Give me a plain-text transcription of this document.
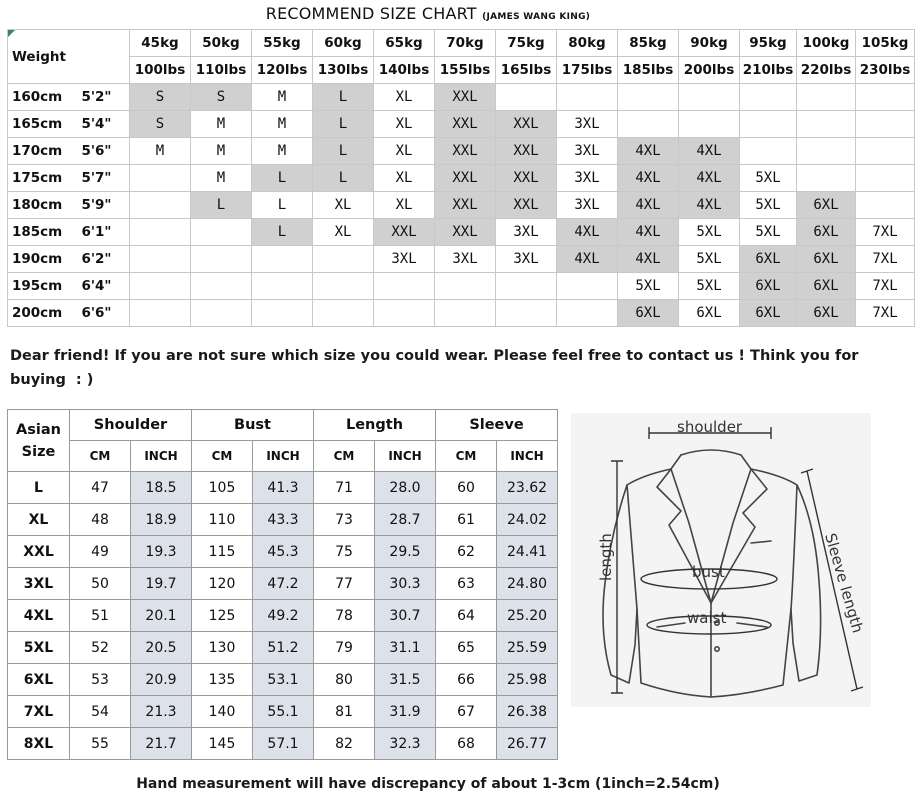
RECOMMEND SIZE CHART (JAMES WANG KING)
Weight		45kg	50kg	55kg	60kg	65kg	70kg	75kg	80kg	85kg	90kg	95kg	100kg	105kg
		100lbs	110lbs	120lbs	130lbs	140lbs	155lbs	165lbs	175lbs	185lbs	200lbs	210lbs	220lbs	230lbs
160cm	5'2"	S	S	M	L	XL	XXL							
165cm	5'4"	S	M	M	L	XL	XXL	XXL	3XL					
170cm	5'6"	M	M	M	L	XL	XXL	XXL	3XL	4XL	4XL			
175cm	5'7"		M	L	L	XL	XXL	XXL	3XL	4XL	4XL	5XL		
180cm	5'9"		L	L	XL	XL	XXL	XXL	3XL	4XL	4XL	5XL	6XL	
185cm	6'1"			L	XL	XXL	XXL	3XL	4XL	4XL	5XL	5XL	6XL	7XL
190cm	6'2"					3XL	3XL	3XL	4XL	4XL	5XL	6XL	6XL	7XL
195cm	6'4"									5XL	5XL	6XL	6XL	7XL
200cm	6'6"									6XL	6XL	6XL	6XL	7XL
Dear friend! If you are not sure which size you could wear. Please feel free to contact us ! Think you for buying  : )
Asian
Size	Shoulder		Bust		Length		Sleeve	
	CM	INCH	CM	INCH	CM	INCH	CM	INCH
L	47	18.5	105	41.3	71	28.0	60	23.62
XL	48	18.9	110	43.3	73	28.7	61	24.02
XXL	49	19.3	115	45.3	75	29.5	62	24.41
3XL	50	19.7	120	47.2	77	30.3	63	24.80
4XL	51	20.1	125	49.2	78	30.7	64	25.20
5XL	52	20.5	130	51.2	79	31.1	65	25.59
6XL	53	20.9	135	53.1	80	31.5	66	25.98
7XL	54	21.3	140	55.1	81	31.9	67	26.38
8XL	55	21.7	145	57.1	82	32.3	68	26.77
shoulder
length	bust
waist	Sleeve length
Hand measurement will have discrepancy of about 1-3cm (1inch=2.54cm)
